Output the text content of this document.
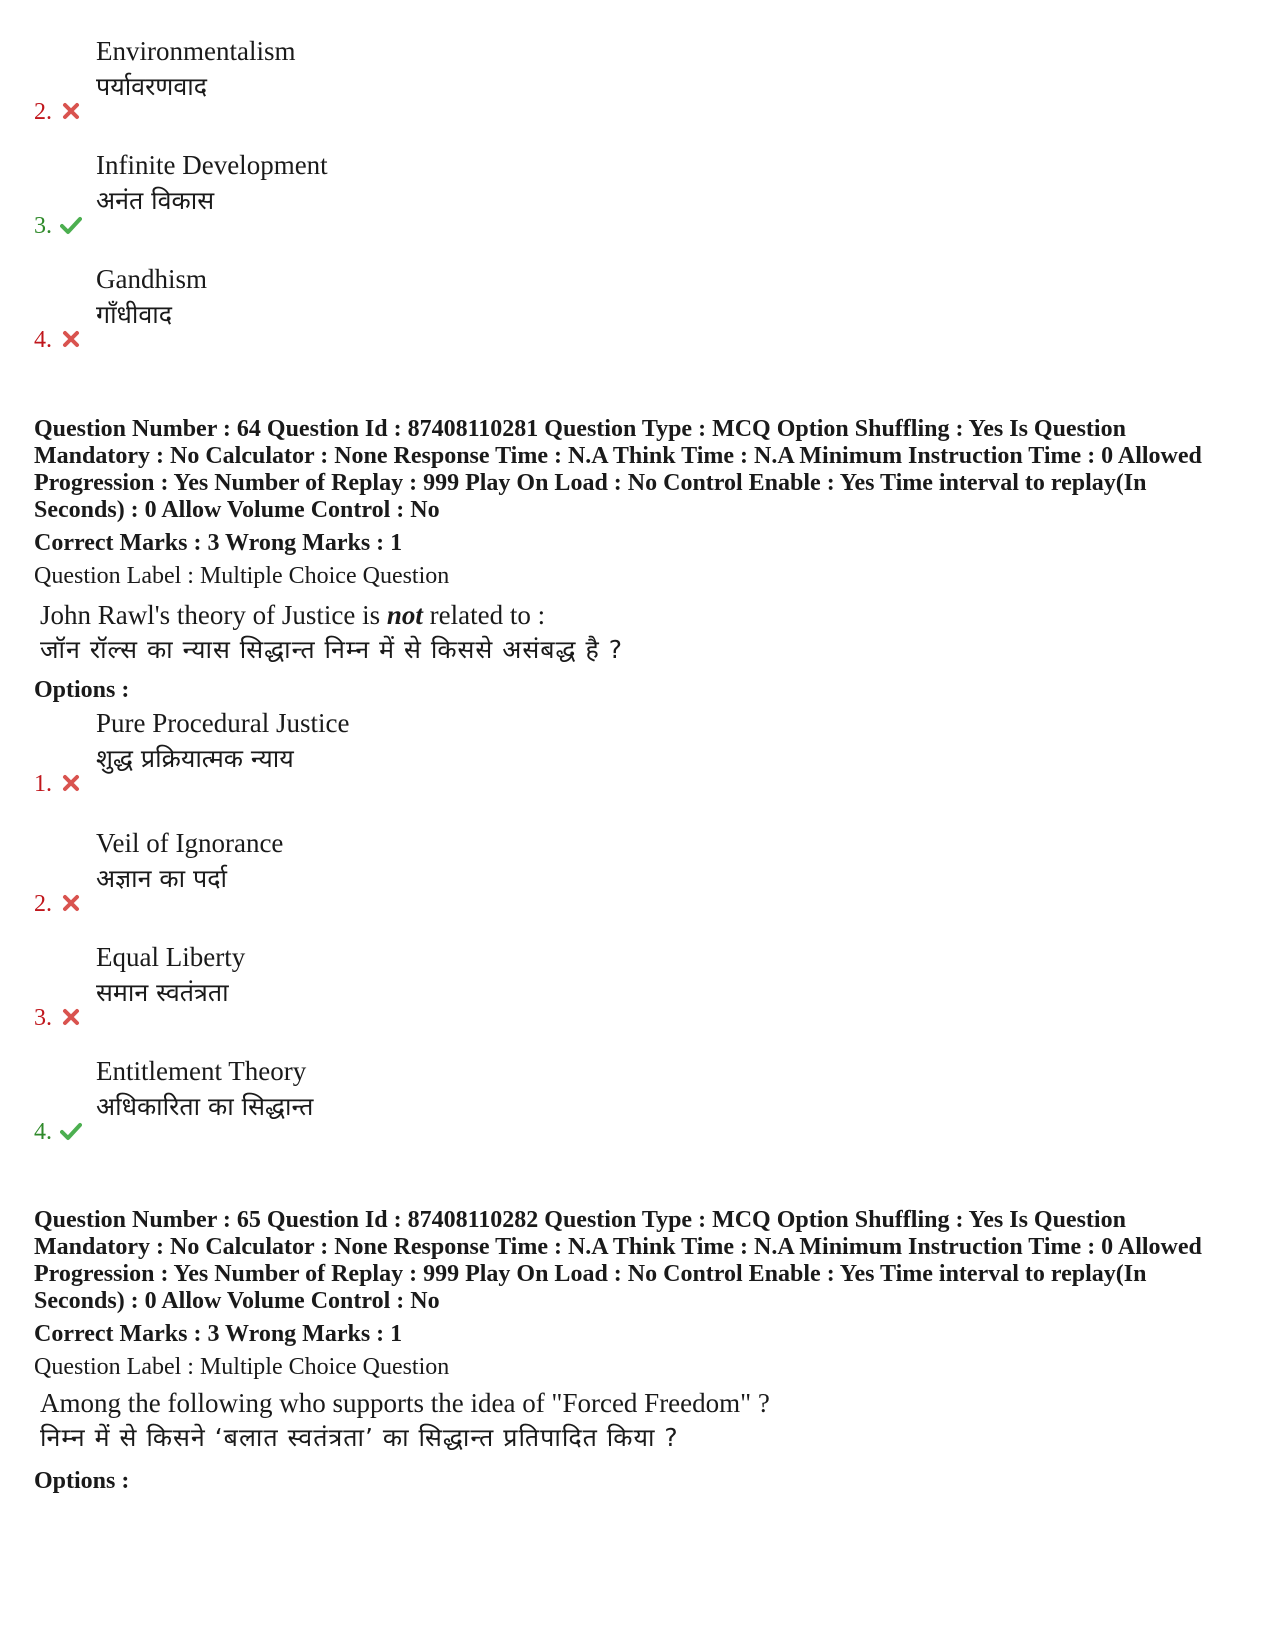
Environmentalism
पर्यावरणवाद
2.
Infinite Development
अनंत विकास
3.
Gandhism
गाँधीवाद
4.
Question Number : 64 Question Id : 87408110281 Question Type : MCQ Option Shuffling : Yes Is Question Mandatory : No Calculator : None Response Time : N.A Think Time : N.A Minimum Instruction Time : 0 Allowed Progression : Yes Number of Replay : 999 Play On Load : No Control Enable : Yes Time interval to replay(In Seconds) : 0 Allow Volume Control : No
Correct Marks : 3 Wrong Marks : 1
Question Label : Multiple Choice Question
John Rawl's theory of Justice is not related to :
जॉन रॉल्स का न्यास सिद्धान्त निम्न में से किससे असंबद्ध है ?
Options :
Pure Procedural Justice
शुद्ध प्रक्रियात्मक न्याय
1.
Veil of Ignorance
अज्ञान का पर्दा
2.
Equal Liberty
समान स्वतंत्रता
3.
Entitlement Theory
अधिकारिता का सिद्धान्त
4.
Question Number : 65 Question Id : 87408110282 Question Type : MCQ Option Shuffling : Yes Is Question Mandatory : No Calculator : None Response Time : N.A Think Time : N.A Minimum Instruction Time : 0 Allowed Progression : Yes Number of Replay : 999 Play On Load : No Control Enable : Yes Time interval to replay(In Seconds) : 0 Allow Volume Control : No
Correct Marks : 3 Wrong Marks : 1
Question Label : Multiple Choice Question
Among the following who supports the idea of "Forced Freedom" ?
निम्न में से किसने ‘बलात स्वतंत्रता’ का सिद्धान्त प्रतिपादित किया ?
Options :
